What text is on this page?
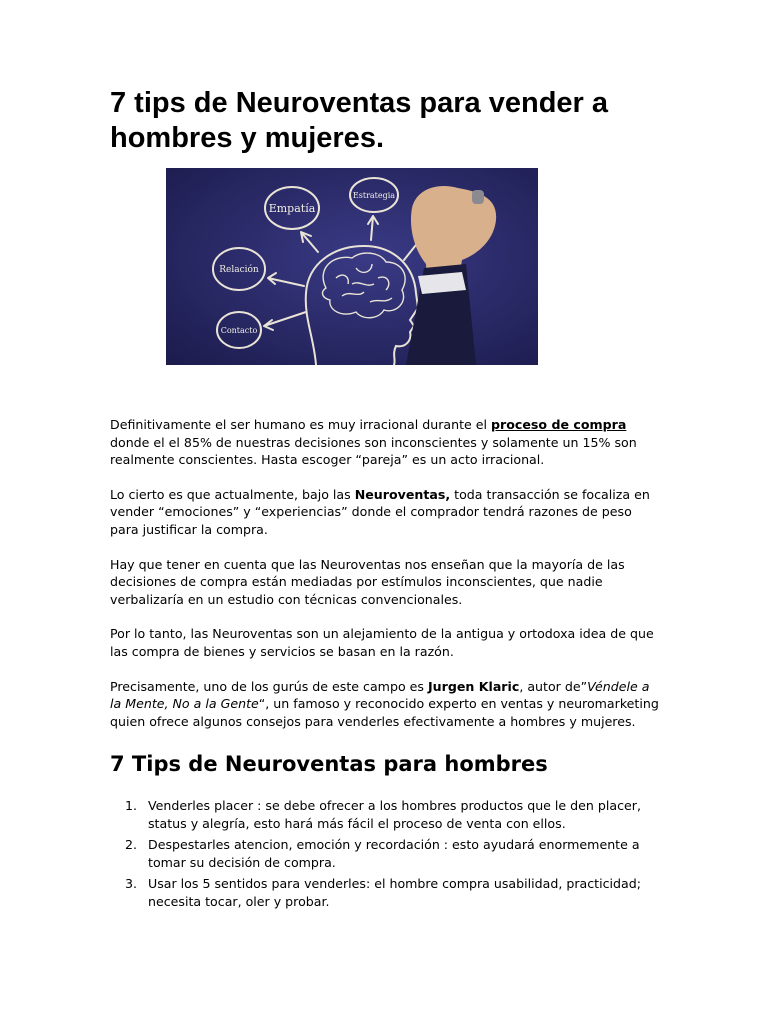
7 tips de Neuroventas para vender a hombres y mujeres.
Empatía
Estrategia
Relación
Contacto

Definitivamente el ser humano es muy irracional durante el proceso de compra donde el el 85% de nuestras decisiones son inconscientes y solamente un 15% son realmente conscientes. Hasta escoger “pareja” es un acto irracional.

Lo cierto es que actualmente, bajo las Neuroventas, toda transacción se focaliza en vender “emociones” y “experiencias” donde el comprador tendrá razones de peso para justificar la compra.

Hay que tener en cuenta que las Neuroventas nos enseñan que la mayoría de las decisiones de compra están mediadas por estímulos inconscientes, que nadie verbalizaría en un estudio con técnicas convencionales.

Por lo tanto, las Neuroventas son un alejamiento de la antigua y ortodoxa idea de que las compra de bienes y servicios se basan en la razón.

Precisamente, uno de los gurús de este campo es Jurgen Klaric, autor de”Véndele a la Mente, No a la Gente“, un famoso y reconocido experto en ventas y neuromarketing quien ofrece algunos consejos para venderles efectivamente a hombres y mujeres.

7 Tips de Neuroventas para hombres
1. Venderles placer : se debe ofrecer a los hombres productos que le den placer, status y alegría, esto hará más fácil el proceso de venta con ellos.
2. Despestarles atencion, emoción y recordación : esto ayudará enormemente a tomar su decisión de compra.
3. Usar los 5 sentidos para venderles: el hombre compra usabilidad, practicidad; necesita tocar, oler y probar.
